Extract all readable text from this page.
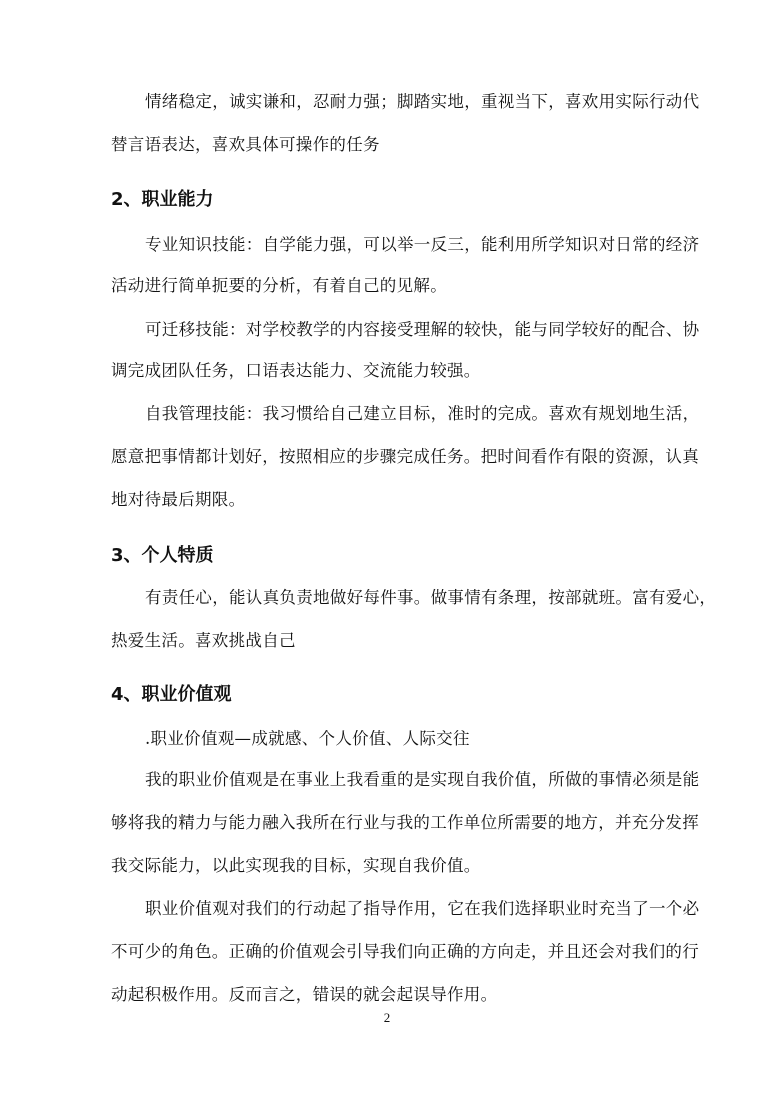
情绪稳定，诚实谦和，忍耐力强；脚踏实地，重视当下，喜欢用实际行动代
替言语表达，喜欢具体可操作的任务
2、职业能力
专业知识技能：自学能力强，可以举一反三，能利用所学知识对日常的经济
活动进行简单扼要的分析，有着自己的见解。
可迁移技能：对学校教学的内容接受理解的较快，能与同学较好的配合、协
调完成团队任务，口语表达能力、交流能力较强。
自我管理技能：我习惯给自己建立目标，准时的完成。喜欢有规划地生活，
愿意把事情都计划好，按照相应的步骤完成任务。把时间看作有限的资源，认真
地对待最后期限。
3、个人特质
有责任心，能认真负责地做好每件事。做事情有条理，按部就班。富有爱心，
热爱生活。喜欢挑战自己
4、职业价值观
.职业价值观—成就感、个人价值、人际交往
我的职业价值观是在事业上我看重的是实现自我价值，所做的事情必须是能
够将我的精力与能力融入我所在行业与我的工作单位所需要的地方，并充分发挥
我交际能力，以此实现我的目标，实现自我价值。
职业价值观对我们的行动起了指导作用，它在我们选择职业时充当了一个必
不可少的角色。正确的价值观会引导我们向正确的方向走，并且还会对我们的行
动起积极作用。反而言之，错误的就会起误导作用。
2
